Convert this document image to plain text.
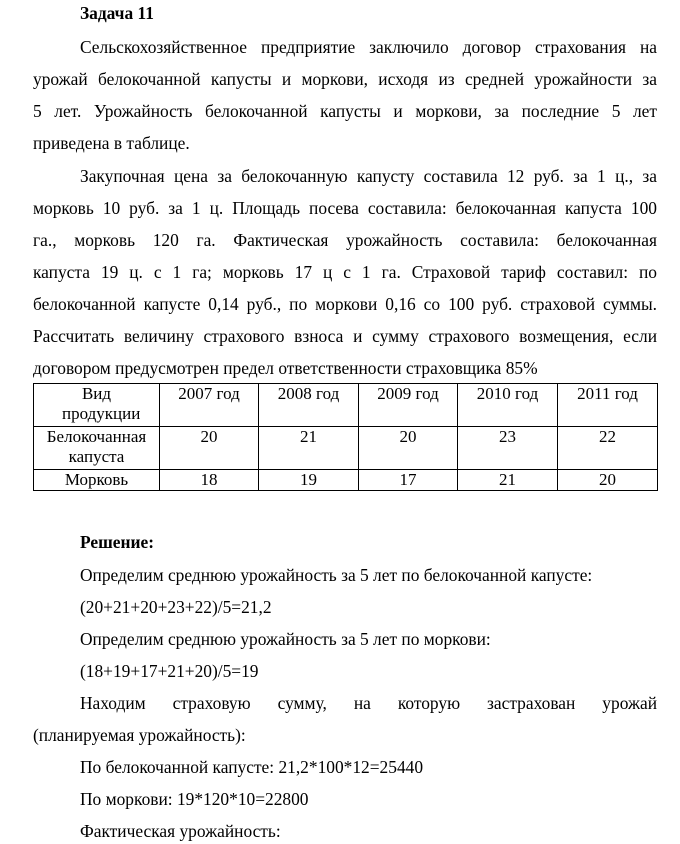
Задача 11
Сельскохозяйственное предприятие заключило договор страхования на
урожай белокочанной капусты и моркови, исходя из средней урожайности за
5 лет. Урожайность белокочанной капусты и моркови, за последние 5 лет
приведена в таблице.
Закупочная цена за белокочанную капусту составила 12 руб. за 1 ц., за
морковь 10 руб. за 1 ц. Площадь посева составила: белокочанная капуста 100
га., морковь 120 га. Фактическая урожайность составила: белокочанная
капуста 19 ц. с 1 га; морковь 17 ц с 1 га. Страховой тариф составил: по
белокочанной капусте 0,14 руб., по моркови 0,16 со 100 руб. страховой суммы.
Рассчитать величину страхового взноса и сумму страхового возмещения, если
договором предусмотрен предел ответственности страховщика 85%
Вид продукции	2007 год	2008 год	2009 год	2010 год	2011 год
Белокочанная капуста	20	21	20	23	22
Морковь	18	19	17	21	20
Решение:
Определим среднюю урожайность за 5 лет по белокочанной капусте:
(20+21+20+23+22)/5=21,2
Определим среднюю урожайность за 5 лет по моркови:
(18+19+17+21+20)/5=19
Находим страховую сумму, на которую застрахован урожай
(планируемая урожайность):
По белокочанной капусте: 21,2*100*12=25440
По моркови: 19*120*10=22800
Фактическая урожайность:
